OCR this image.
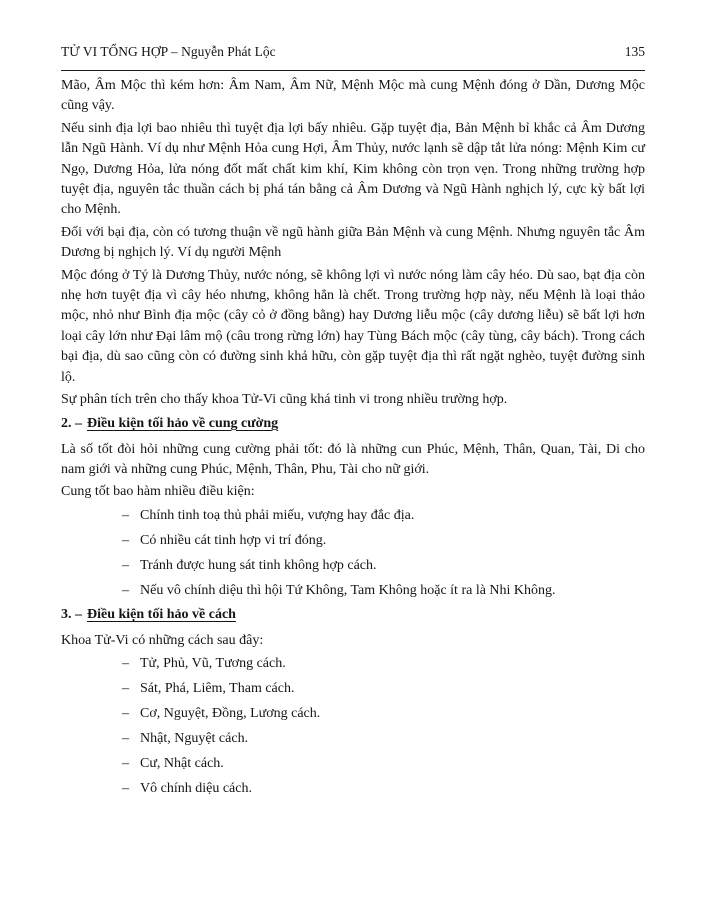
TỬ VI TỔNG HỢP – Nguyễn Phát Lộc	135

Mão, Âm Mộc thì kém hơn: Âm Nam, Âm Nữ, Mệnh Mộc mà cung Mệnh đóng ở Dần, Dương Mộc cũng vậy.

Nếu sinh địa lợi bao nhiêu thì tuyệt địa lợi bấy nhiêu. Gặp tuyệt địa, Bản Mệnh bỉ khắc cả Âm Dương lẫn Ngũ Hành. Ví dụ như Mệnh Hỏa cung Hợi, Âm Thủy, nước lạnh sẽ dập tắt lửa nóng: Mệnh Kim cư Ngọ, Dương Hỏa, lửa nóng đốt mất chất kim khí, Kim không còn trọn vẹn. Trong những trường hợp tuyệt địa, nguyên tắc thuần cách bị phá tán bằng cả Âm Dương và Ngũ Hành nghịch lý, cực kỳ bất lợi cho Mệnh.

Đối với bại địa, còn có tương thuận về ngũ hành giữa Bản Mệnh và cung Mệnh. Nhưng nguyên tắc Âm Dương bị nghịch lý. Ví dụ người Mệnh

Mộc đóng ở Tý là Dương Thủy, nước nóng, sẽ không lợi vì nước nóng làm cây héo. Dù sao, bạt địa còn nhẹ hơn tuyệt địa vì cây héo nhưng, không hẳn là chết. Trong trường hợp này, nếu Mệnh là loại thảo mộc, nhỏ như Bình địa mộc (cây cỏ ở đồng bằng) hay Dương liễu mộc (cây dương liễu) sẽ bất lợi hơn loại cây lớn như Đại lâm mộ (câu trong rừng lớn) hay Tùng Bách mộc (cây tùng, cây bách). Trong cách bại địa, dù sao cũng còn có đường sinh khả hữu, còn gặp tuyệt địa thì rất ngặt nghèo, tuyệt đường sinh lộ.

Sự phân tích trên cho thấy khoa Tử-Vi cũng khá tinh vi trong nhiều trường hợp.

2. – Điều kiện tối hảo về cung cường

Là số tốt đòi hỏi những cung cường phải tốt: đó là những cun Phúc, Mệnh, Thân, Quan, Tài, Di cho nam giới và những cung Phúc, Mệnh, Thân, Phu, Tài cho nữ giới.

Cung tốt bao hàm nhiều điều kiện:

– Chính tinh toạ thủ phải miếu, vượng hay đắc địa.
– Có nhiều cát tinh hợp vi trí đóng.
– Tránh được hung sát tinh không hợp cách.
– Nếu vô chính diệu thì hội Tứ Không, Tam Không hoặc ít ra là Nhi Không.
3. – Điều kiện tối hảo về cách

Khoa Tử-Vi có những cách sau đây:

– Tử, Phủ, Vũ, Tương cách.
– Sát, Phá, Liêm, Tham cách.
– Cơ, Nguyệt, Đồng, Lương cách.
– Nhật, Nguyệt cách.
– Cư, Nhật cách.
– Vô chính diệu cách.
